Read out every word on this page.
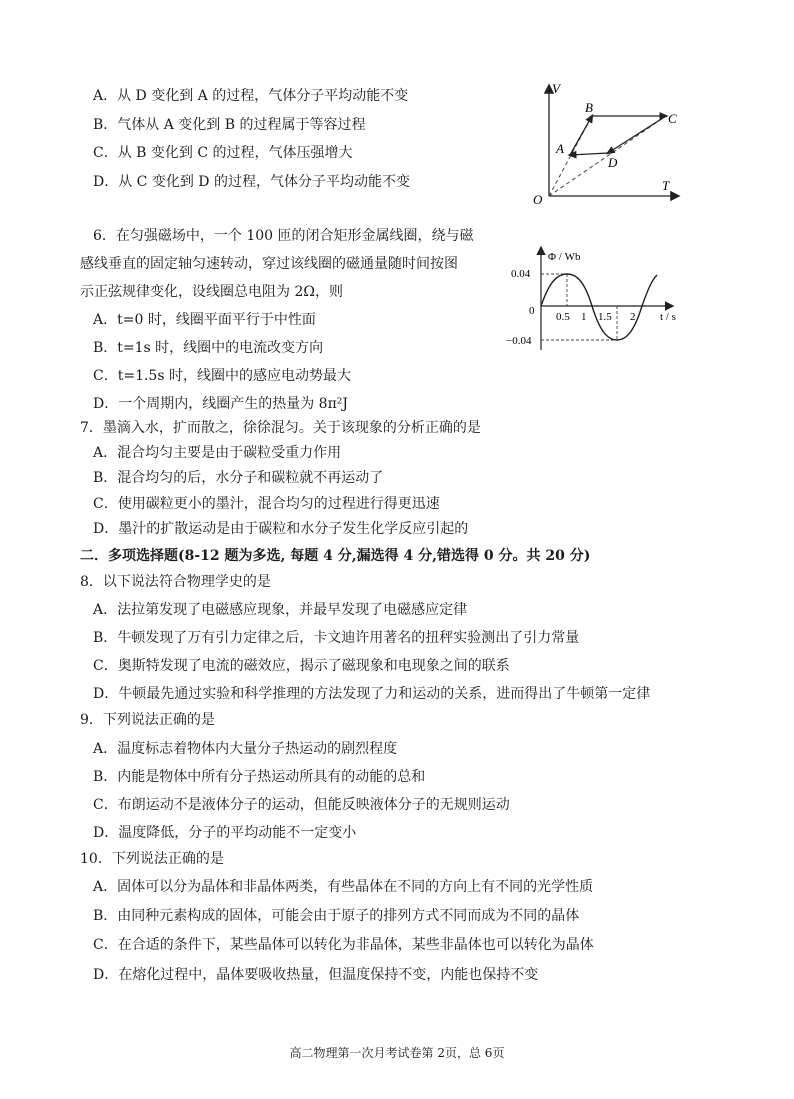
A．从 D 变化到 A 的过程，气体分子平均动能不变
B．气体从 A 变化到 B 的过程属于等容过程
C．从 B 变化到 C 的过程，气体压强增大
D．从 C 变化到 D 的过程，气体分子平均动能不变
V
T
O
A
B
C
D
6．在匀强磁场中，一个 100 匝的闭合矩形金属线圈，绕与磁
感线垂直的固定轴匀速转动，穿过该线圈的磁通量随时间按图
示正弦规律变化，设线圈总电阻为 2Ω，则
A．t=0 时，线圈平面平行于中性面
B．t=1s 时，线圈中的电流改变方向
C．t=1.5s 时，线圈中的感应电动势最大
D．一个周期内，线圈产生的热量为 8π²J
Φ / Wb
t / s
0.04
0
−0.04
0.5 1 1.5 2
7．墨滴入水，扩而散之，徐徐混匀。关于该现象的分析正确的是
A．混合均匀主要是由于碳粒受重力作用
B．混合均匀的后，水分子和碳粒就不再运动了
C．使用碳粒更小的墨汁，混合均匀的过程进行得更迅速
D．墨汁的扩散运动是由于碳粒和水分子发生化学反应引起的
二．多项选择题(8-12 题为多选, 每题 4 分,漏选得 4 分,错选得 0 分。共 20 分)
8．以下说法符合物理学史的是
A．法拉第发现了电磁感应现象，并最早发现了电磁感应定律
B．牛顿发现了万有引力定律之后，卡文迪许用著名的扭秤实验测出了引力常量
C．奥斯特发现了电流的磁效应，揭示了磁现象和电现象之间的联系
D．牛顿最先通过实验和科学推理的方法发现了力和运动的关系，进而得出了牛顿第一定律
9．下列说法正确的是
A．温度标志着物体内大量分子热运动的剧烈程度
B．内能是物体中所有分子热运动所具有的动能的总和
C．布朗运动不是液体分子的运动，但能反映液体分子的无规则运动
D．温度降低，分子的平均动能不一定变小
10．下列说法正确的是
A．固体可以分为晶体和非晶体两类，有些晶体在不同的方向上有不同的光学性质
B．由同种元素构成的固体，可能会由于原子的排列方式不同而成为不同的晶体
C．在合适的条件下，某些晶体可以转化为非晶体，某些非晶体也可以转化为晶体
D．在熔化过程中，晶体要吸收热量，但温度保持不变，内能也保持不变
高二物理第一次月考试卷第 2页，总 6页
